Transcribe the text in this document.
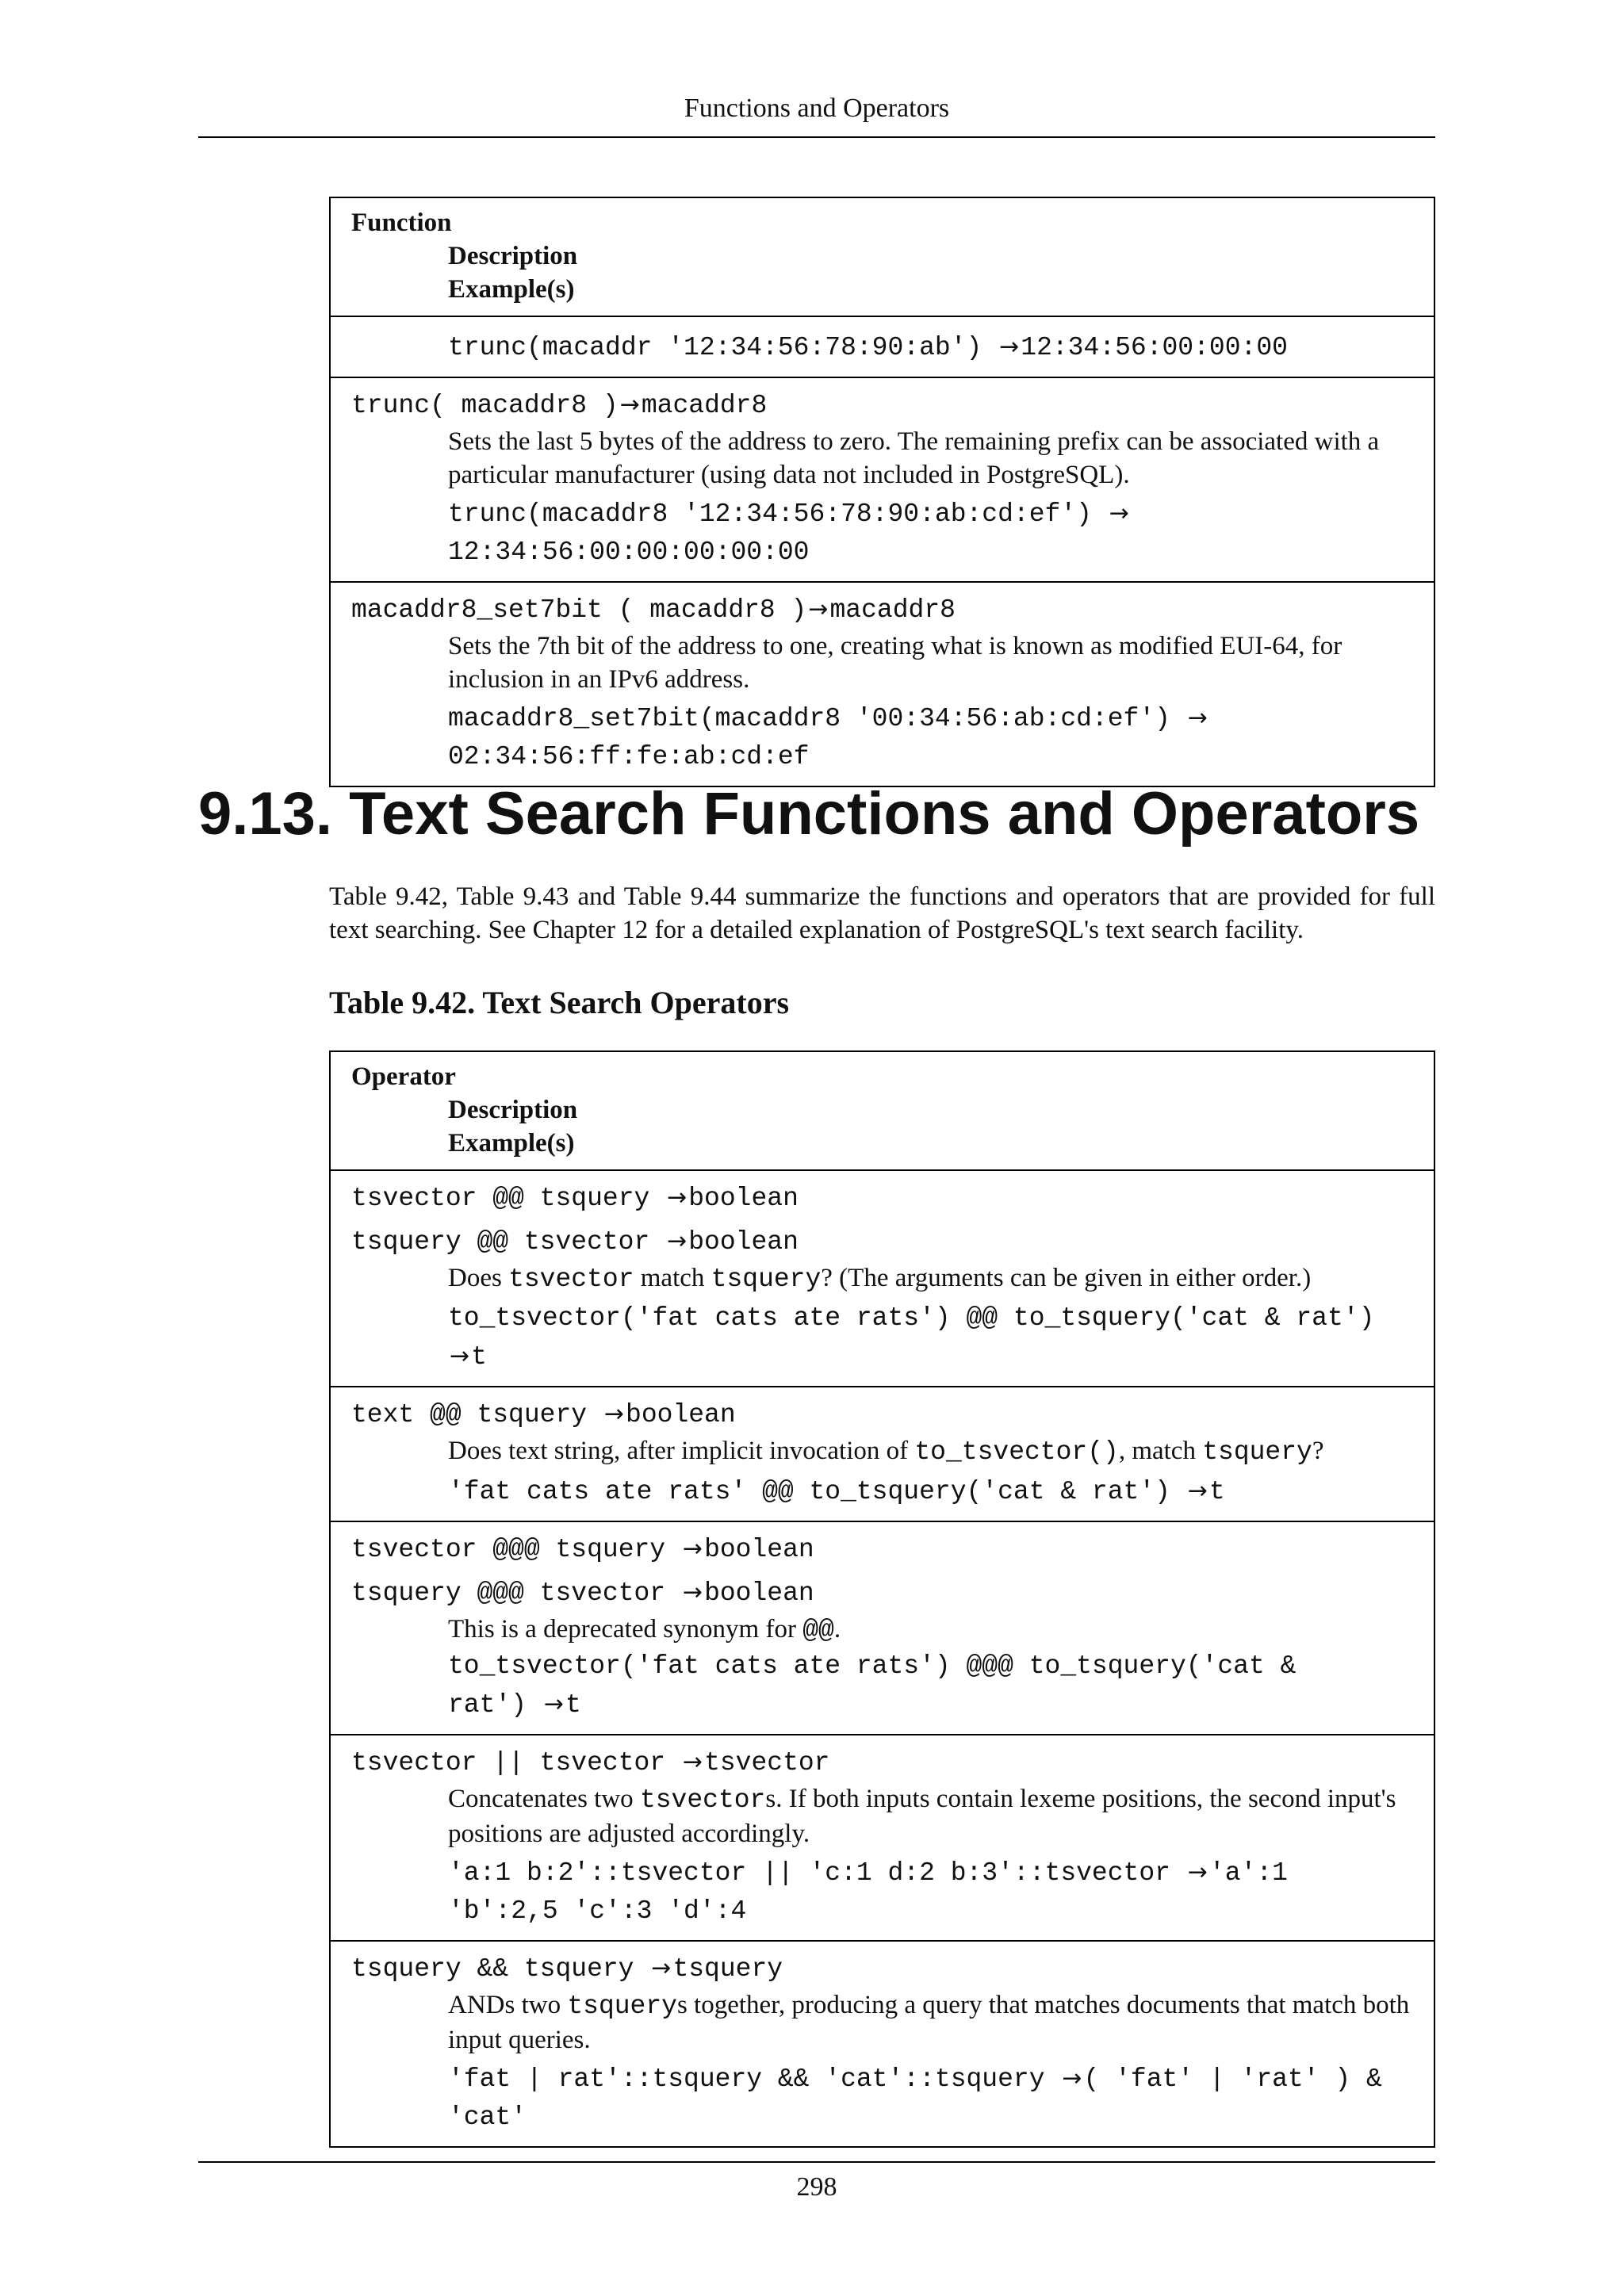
Functions and Operators
Function
Description
Example(s)

trunc(macaddr '12:34:56:78:90:ab') →12:34:56:00:00:00

trunc( macaddr8 )→macaddr8
Sets the last 5 bytes of the address to zero. The remaining prefix can be associated with a particular manufacturer (using data not included in PostgreSQL).
trunc(macaddr8 '12:34:56:78:90:ab:cd:ef') →
12:34:56:00:00:00:00:00

macaddr8_set7bit ( macaddr8 )→macaddr8
Sets the 7th bit of the address to one, creating what is known as modified EUI-64, for inclusion in an IPv6 address.
macaddr8_set7bit(macaddr8 '00:34:56:ab:cd:ef') →
02:34:56:ff:fe:ab:cd:ef
9.13. Text Search Functions and Operators
Table 9.42, Table 9.43 and Table 9.44 summarize the functions and operators that are provided for full text searching. See Chapter 12 for a detailed explanation of PostgreSQL's text search facility.
Table 9.42. Text Search Operators
Operator
Description
Example(s)

tsvector @@ tsquery →boolean
tsquery @@ tsvector →boolean
Does tsvector match tsquery? (The arguments can be given in either order.)
to_tsvector('fat cats ate rats') @@ to_tsquery('cat & rat')
→t

text @@ tsquery →boolean
Does text string, after implicit invocation of to_tsvector(), match tsquery?
'fat cats ate rats' @@ to_tsquery('cat & rat') →t

tsvector @@@ tsquery →boolean
tsquery @@@ tsvector →boolean
This is a deprecated synonym for @@.
to_tsvector('fat cats ate rats') @@@ to_tsquery('cat &
rat') →t

tsvector || tsvector →tsvector
Concatenates two tsvectors. If both inputs contain lexeme positions, the second input's positions are adjusted accordingly.
'a:1 b:2'::tsvector || 'c:1 d:2 b:3'::tsvector →'a':1
'b':2,5 'c':3 'd':4

tsquery && tsquery →tsquery
ANDs two tsquerys together, producing a query that matches documents that match both input queries.
'fat | rat'::tsquery && 'cat'::tsquery →( 'fat' | 'rat' ) &
'cat'
298
